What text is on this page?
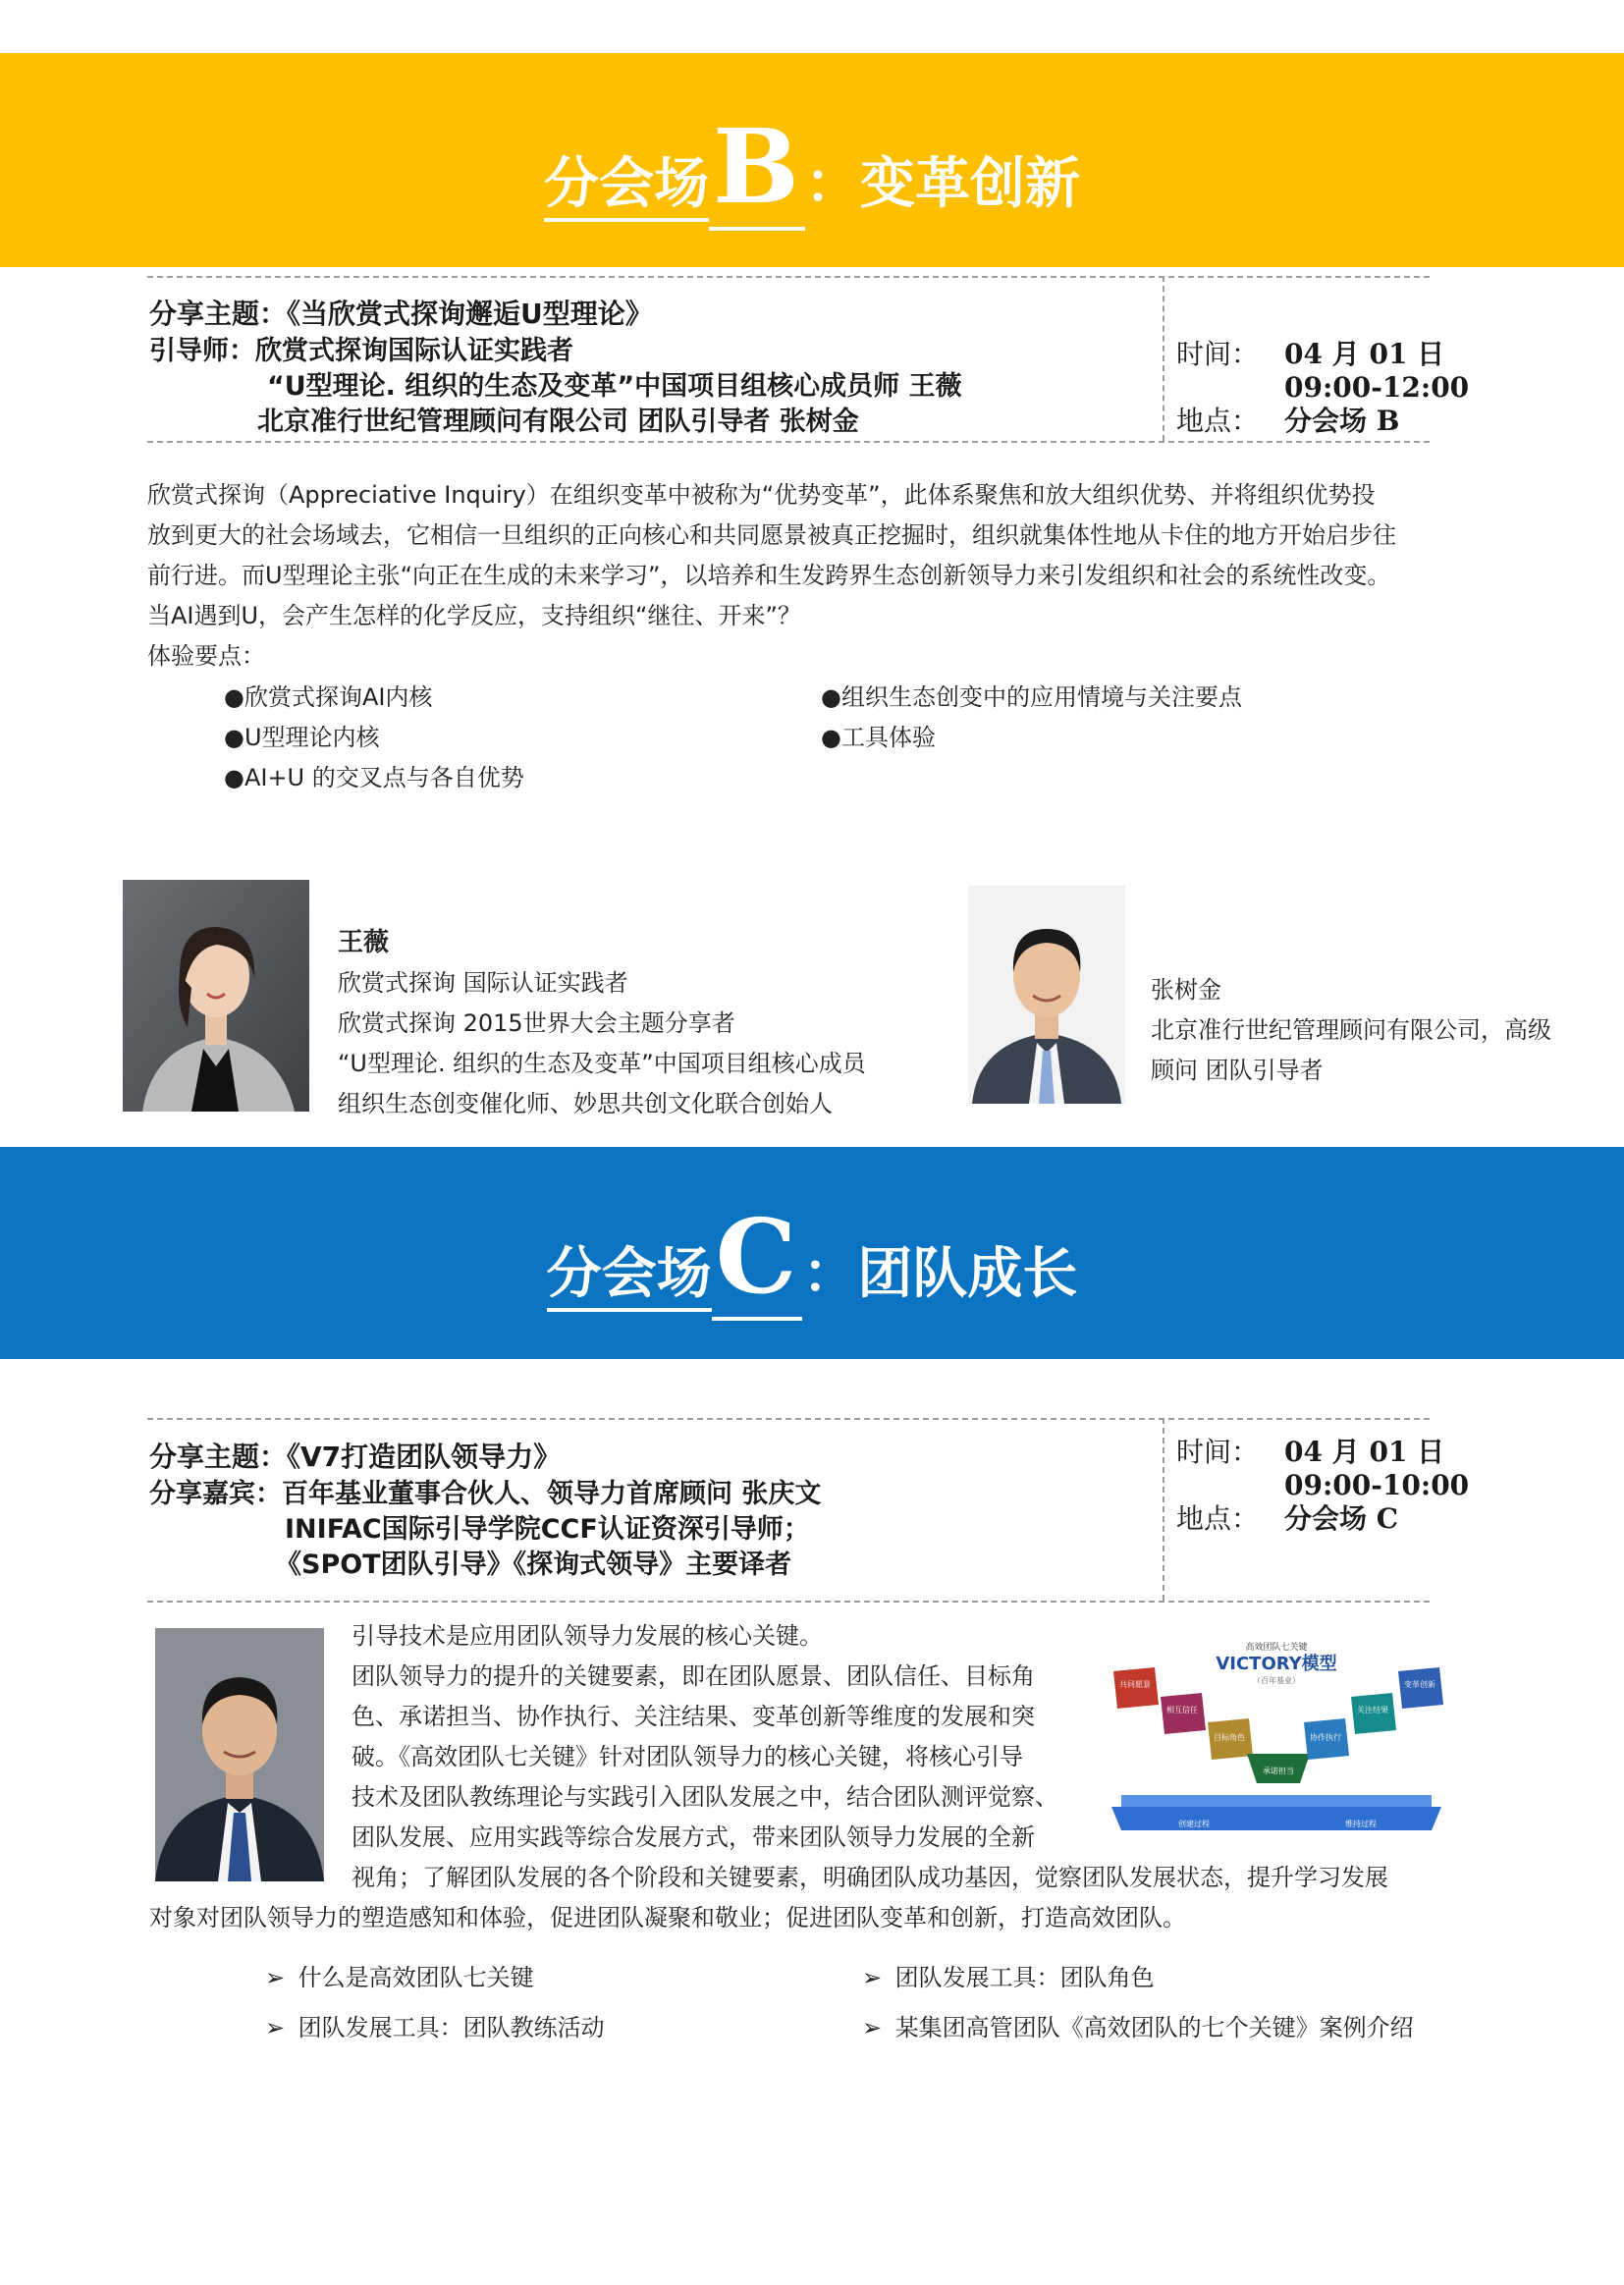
分会场B：变革创新
分享主题：《当欣赏式探询邂逅U型理论》
引导师：欣赏式探询国际认证实践者
“U型理论. 组织的生态及变革”中国项目组核心成员师 王薇
北京准行世纪管理顾问有限公司 团队引导者 张树金
时间： 04 月 01 日
09:00-12:00
地点： 分会场 B
欣赏式探询（Appreciative Inquiry）在组织变革中被称为“优势变革”，此体系聚焦和放大组织优势、并将组织优势投
放到更大的社会场域去，它相信一旦组织的正向核心和共同愿景被真正挖掘时，组织就集体性地从卡住的地方开始启步往
前行进。而U型理论主张“向正在生成的未来学习”，以培养和生发跨界生态创新领导力来引发组织和社会的系统性改变。
当AI遇到U，会产生怎样的化学反应，支持组织“继往、开来”？
体验要点：
●欣赏式探询AI内核
●U型理论内核
●AI+U 的交叉点与各自优势
●组织生态创变中的应用情境与关注要点
●工具体验
王薇
欣赏式探询 国际认证实践者
欣赏式探询 2015世界大会主题分享者
“U型理论. 组织的生态及变革”中国项目组核心成员
组织生态创变催化师、妙思共创文化联合创始人
张树金
北京准行世纪管理顾问有限公司，高级
顾问 团队引导者
分会场C：团队成长
分享主题：《V7打造团队领导力》
分享嘉宾：百年基业董事合伙人、领导力首席顾问 张庆文
INIFAC国际引导学院CCF认证资深引导师；
《SPOT团队引导》《探询式领导》主要译者
时间： 04 月 01 日
09:00-10:00
地点： 分会场 C
引导技术是应用团队领导力发展的核心关键。
团队领导力的提升的关键要素，即在团队愿景、团队信任、目标角
色、承诺担当、协作执行、关注结果、变革创新等维度的发展和突
破。《高效团队七关键》针对团队领导力的核心关键，将核心引导
技术及团队教练理论与实践引入团队发展之中，结合团队测评觉察、
团队发展、应用实践等综合发展方式，带来团队领导力发展的全新
视角；了解团队发展的各个阶段和关键要素，明确团队成功基因，觉察团队发展状态，提升学习发展
对象对团队领导力的塑造感知和体验，促进团队凝聚和敬业；促进团队变革和创新，打造高效团队。
高效团队七关键
VICTORY模型
（百年基业）
创建过程	维持过程
共同愿景
相互信任
目标角色
承诺担当
协作执行
关注结果
变革创新
➢ 什么是高效团队七关键
➢ 团队发展工具：团队教练活动
➢ 团队发展工具：团队角色
➢ 某集团高管团队《高效团队的七个关键》案例介绍
